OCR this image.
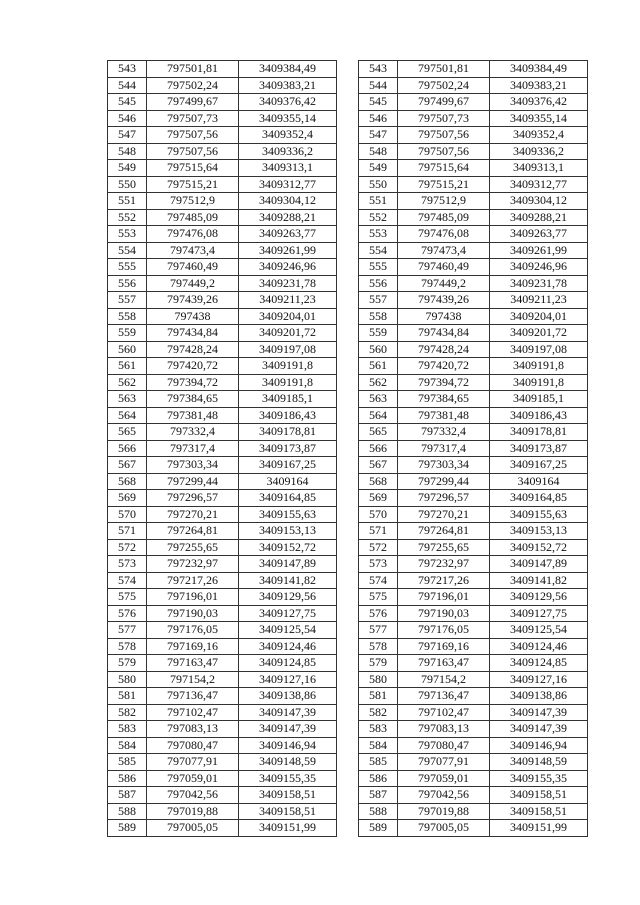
543	797501,81	3409384,49
544	797502,24	3409383,21
545	797499,67	3409376,42
546	797507,73	3409355,14
547	797507,56	3409352,4
548	797507,56	3409336,2
549	797515,64	3409313,1
550	797515,21	3409312,77
551	797512,9	3409304,12
552	797485,09	3409288,21
553	797476,08	3409263,77
554	797473,4	3409261,99
555	797460,49	3409246,96
556	797449,2	3409231,78
557	797439,26	3409211,23
558	797438	3409204,01
559	797434,84	3409201,72
560	797428,24	3409197,08
561	797420,72	3409191,8
562	797394,72	3409191,8
563	797384,65	3409185,1
564	797381,48	3409186,43
565	797332,4	3409178,81
566	797317,4	3409173,87
567	797303,34	3409167,25
568	797299,44	3409164
569	797296,57	3409164,85
570	797270,21	3409155,63
571	797264,81	3409153,13
572	797255,65	3409152,72
573	797232,97	3409147,89
574	797217,26	3409141,82
575	797196,01	3409129,56
576	797190,03	3409127,75
577	797176,05	3409125,54
578	797169,16	3409124,46
579	797163,47	3409124,85
580	797154,2	3409127,16
581	797136,47	3409138,86
582	797102,47	3409147,39
583	797083,13	3409147,39
584	797080,47	3409146,94
585	797077,91	3409148,59
586	797059,01	3409155,35
587	797042,56	3409158,51
588	797019,88	3409158,51
589	797005,05	3409151,99
543	797501,81	3409384,49
544	797502,24	3409383,21
545	797499,67	3409376,42
546	797507,73	3409355,14
547	797507,56	3409352,4
548	797507,56	3409336,2
549	797515,64	3409313,1
550	797515,21	3409312,77
551	797512,9	3409304,12
552	797485,09	3409288,21
553	797476,08	3409263,77
554	797473,4	3409261,99
555	797460,49	3409246,96
556	797449,2	3409231,78
557	797439,26	3409211,23
558	797438	3409204,01
559	797434,84	3409201,72
560	797428,24	3409197,08
561	797420,72	3409191,8
562	797394,72	3409191,8
563	797384,65	3409185,1
564	797381,48	3409186,43
565	797332,4	3409178,81
566	797317,4	3409173,87
567	797303,34	3409167,25
568	797299,44	3409164
569	797296,57	3409164,85
570	797270,21	3409155,63
571	797264,81	3409153,13
572	797255,65	3409152,72
573	797232,97	3409147,89
574	797217,26	3409141,82
575	797196,01	3409129,56
576	797190,03	3409127,75
577	797176,05	3409125,54
578	797169,16	3409124,46
579	797163,47	3409124,85
580	797154,2	3409127,16
581	797136,47	3409138,86
582	797102,47	3409147,39
583	797083,13	3409147,39
584	797080,47	3409146,94
585	797077,91	3409148,59
586	797059,01	3409155,35
587	797042,56	3409158,51
588	797019,88	3409158,51
589	797005,05	3409151,99
